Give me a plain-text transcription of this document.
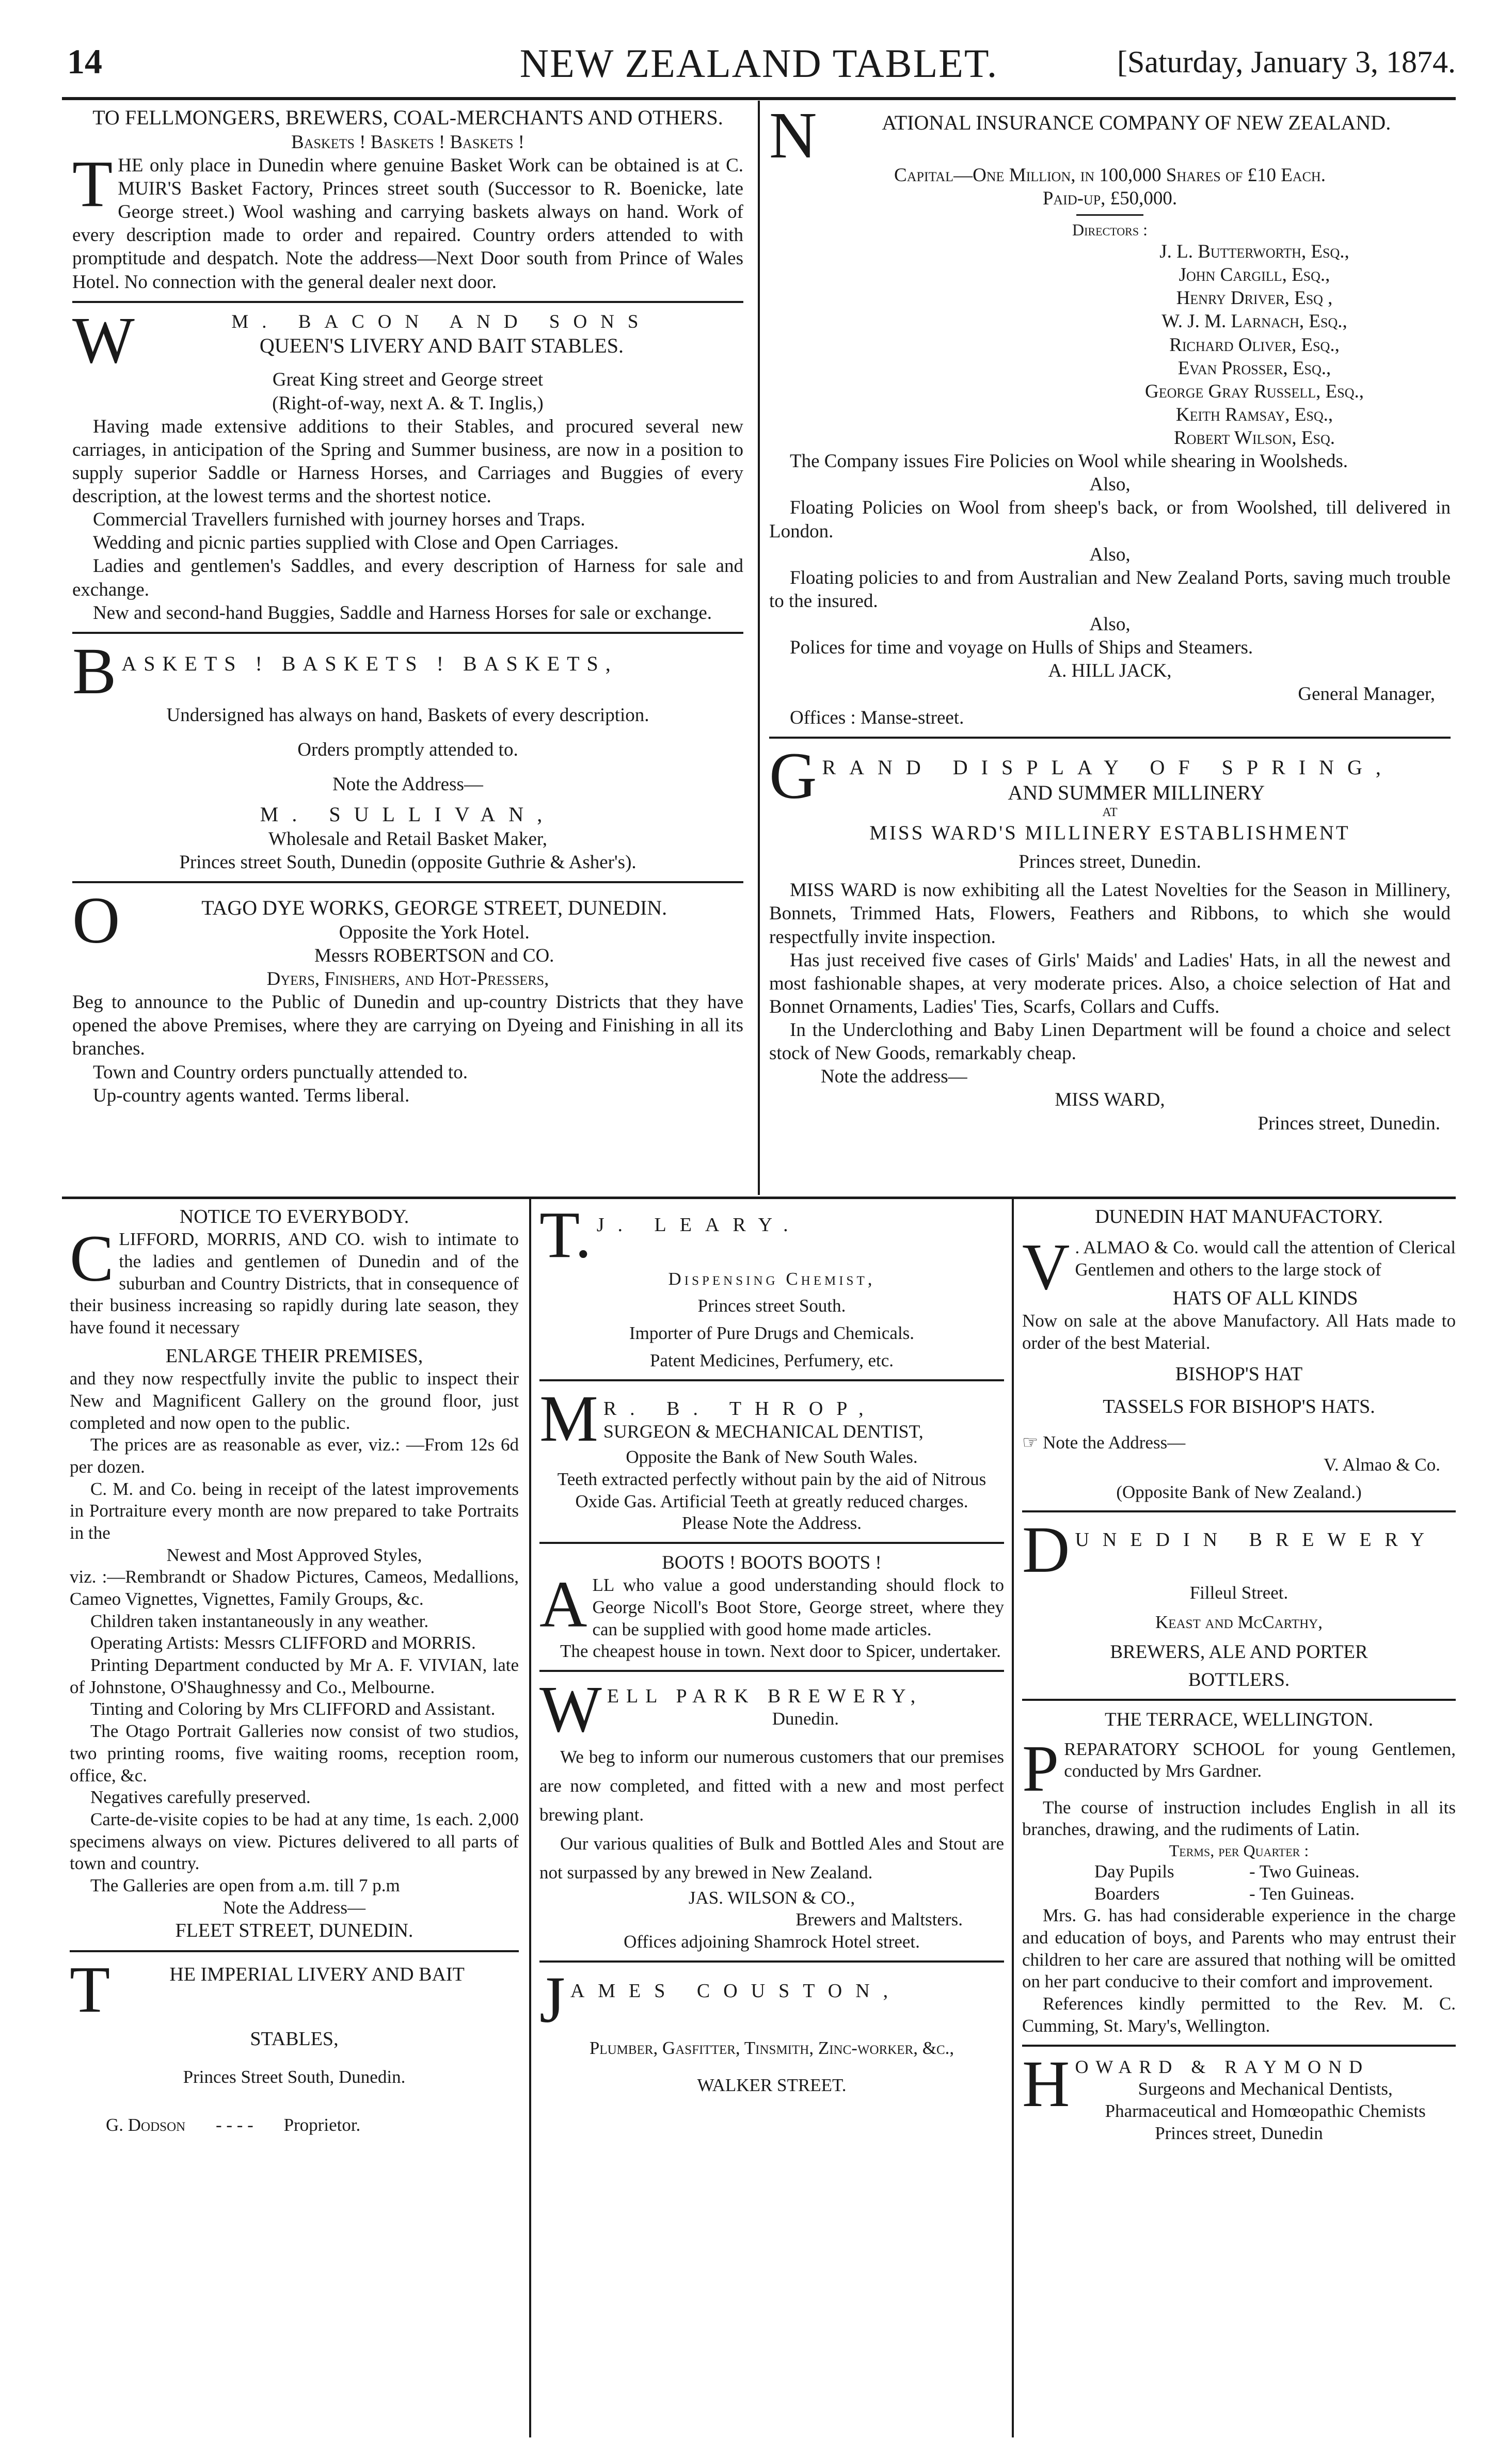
14	NEW ZEALAND TABLET.	[Saturday, January 3, 1874.
TO FELLMONGERS, BREWERS, COAL-MERCHANTS AND OTHERS.
Baskets ! Baskets ! Baskets !
THE only place in Dunedin where genuine Basket Work can be obtained is at C. MUIR'S Basket Factory, Princes street south (Successor to R. Boenicke, late George street.) Wool washing and carrying baskets always on hand. Work of every description made to order and repaired. Country orders attended to with promptitude and despatch. Note the address—Next Door south from Prince of Wales Hotel. No connection with the general dealer next door.
W	M. BACON AND SONS
QUEEN'S LIVERY AND BAIT STABLES.
Great King street and George street
(Right-of-way, next A. & T. Inglis,)
Having made extensive additions to their Stables, and procured several new carriages, in anticipation of the Spring and Summer business, are now in a position to supply superior Saddle or Harness Horses, and Carriages and Buggies of every description, at the lowest terms and the shortest notice.
Commercial Travellers furnished with journey horses and Traps.
Wedding and picnic parties supplied with Close and Open Carriages.
Ladies and gentlemen's Saddles, and every description of Harness for sale and exchange.
New and second-hand Buggies, Saddle and Harness Horses for sale or exchange.
B ASKETS ! BASKETS ! BASKETS,
Undersigned has always on hand, Baskets of every description.
Orders promptly attended to.
Note the Address—
M. SULLIVAN,
Wholesale and Retail Basket Maker,
Princes street South, Dunedin (opposite Guthrie & Asher's).
O	TAGO DYE WORKS, GEORGE STREET, DUNEDIN.
Opposite the York Hotel.
Messrs ROBERTSON and CO.
Dyers, Finishers, and Hot-Pressers,
Beg to announce to the Public of Dunedin and up-country Districts that they have opened the above Premises, where they are carrying on Dyeing and Finishing in all its branches.
Town and Country orders punctually attended to.
Up-country agents wanted. Terms liberal.
N	ATIONAL INSURANCE COMPANY OF NEW ZEALAND.
Capital—One Million, in 100,000 Shares of £10 Each.
Paid-up, £50,000.
Directors :
J. L. Butterworth, Esq.,
John Cargill, Esq.,
Henry Driver, Esq ,
W. J. M. Larnach, Esq.,
Richard Oliver, Esq.,
Evan Prosser, Esq.,
George Gray Russell, Esq.,
Keith Ramsay, Esq.,
Robert Wilson, Esq.
The Company issues Fire Policies on Wool while shearing in Woolsheds.
Also,
Floating Policies on Wool from sheep's back, or from Woolshed, till delivered in London.
Also,
Floating policies to and from Australian and New Zealand Ports, saving much trouble to the insured.
Also,
Polices for time and voyage on Hulls of Ships and Steamers.
A. HILL JACK,
General Manager,
Offices : Manse-street.
G RAND DISPLAY OF SPRING,
AND SUMMER MILLINERY
AT
MISS WARD'S MILLINERY ESTABLISHMENT
Princes street, Dunedin.
MISS WARD is now exhibiting all the Latest Novelties for the Season in Millinery, Bonnets, Trimmed Hats, Flowers, Feathers and Ribbons, to which she would respectfully invite inspection.
Has just received five cases of Girls' Maids' and Ladies' Hats, in all the newest and most fashionable shapes, at very moderate prices. Also, a choice selection of Hat and Bonnet Ornaments, Ladies' Ties, Scarfs, Collars and Cuffs.
In the Underclothing and Baby Linen Department will be found a choice and select stock of New Goods, remarkably cheap.
Note the address—
MISS WARD,
Princes street, Dunedin.
NOTICE TO EVERYBODY.
CLIFFORD, MORRIS, AND CO. wish to intimate to the ladies and gentlemen of Dunedin and of the suburban and Country Districts, that in consequence of their business increasing so rapidly during late season, they have found it necessary
ENLARGE THEIR PREMISES,
and they now respectfully invite the public to inspect their New and Magnificent Gallery on the ground floor, just completed and now open to the public.
The prices are as reasonable as ever, viz.: —From 12s 6d per dozen.
C. M. and Co. being in receipt of the latest improvements in Portraiture every month are now prepared to take Portraits in the
Newest and Most Approved Styles,
viz. :—Rembrandt or Shadow Pictures, Cameos, Medallions, Cameo Vignettes, Vignettes, Family Groups, &c.
Children taken instantaneously in any weather.
Operating Artists: Messrs CLIFFORD and MORRIS.
Printing Department conducted by Mr A. F. VIVIAN, late of Johnstone, O'Shaughnessy and Co., Melbourne.
Tinting and Coloring by Mrs CLIFFORD and Assistant.
The Otago Portrait Galleries now consist of two studios, two printing rooms, five waiting rooms, reception room, office, &c.
Negatives carefully preserved.
Carte-de-visite copies to be had at any time, 1s each. 2,000 specimens always on view. Pictures delivered to all parts of town and country.
The Galleries are open from a.m. till 7 p.m
Note the Address—
FLEET STREET, DUNEDIN.
T	HE IMPERIAL LIVERY AND BAIT
STABLES,
Princes Street South, Dunedin.
G. Dodson - - - - Proprietor.
T. J. LEARY.
Dispensing Chemist,
Princes street South.
Importer of Pure Drugs and Chemicals.
Patent Medicines, Perfumery, etc.
M R. B. THROP,
SURGEON & MECHANICAL DENTIST,
Opposite the Bank of New South Wales.
Teeth extracted perfectly without pain by the aid of Nitrous Oxide Gas. Artificial Teeth at greatly reduced charges.
Please Note the Address.
BOOTS ! BOOTS BOOTS !
ALL who value a good understanding should flock to George Nicoll's Boot Store, George street, where they can be supplied with good home made articles.
The cheapest house in town. Next door to Spicer, undertaker.
W ELL PARK BREWERY,
Dunedin.
We beg to inform our numerous customers that our premises are now completed, and fitted with a new and most perfect brewing plant.
Our various qualities of Bulk and Bottled Ales and Stout are not surpassed by any brewed in New Zealand.
JAS. WILSON & CO.,
Brewers and Maltsters.
Offices adjoining Shamrock Hotel street.
J AMES COUSTON,
Plumber, Gasfitter, Tinsmith, Zinc-worker, &c.,
WALKER STREET.
DUNEDIN HAT MANUFACTORY.
V . ALMAO & Co. would call the attention of Clerical Gentlemen and others to the large stock of
HATS OF ALL KINDS
Now on sale at the above Manufactory. All Hats made to order of the best Material.
BISHOP'S HAT
TASSELS FOR BISHOP'S HATS.
☞ Note the Address—
V. Almao & Co.
(Opposite Bank of New Zealand.)
D UNEDIN BREWERY
Filleul Street.
Keast and McCarthy,
BREWERS, ALE AND PORTER
BOTTLERS.
THE TERRACE, WELLINGTON.
PREPARATORY SCHOOL for young Gentlemen, conducted by Mrs Gardner.
The course of instruction includes English in all its branches, drawing, and the rudiments of Latin.
Terms, per Quarter :
Day Pupils	- Two Guineas.
Boarders	- Ten Guineas.
Mrs. G. has had considerable experience in the charge and education of boys, and Parents who may entrust their children to her care are assured that nothing will be omitted on her part conducive to their comfort and improvement.
References kindly permitted to the Rev. M. C. Cumming, St. Mary's, Wellington.
H OWARD & RAYMOND
Surgeons and Mechanical Dentists,
Pharmaceutical and Homœopathic Chemists
Princes street, Dunedin
